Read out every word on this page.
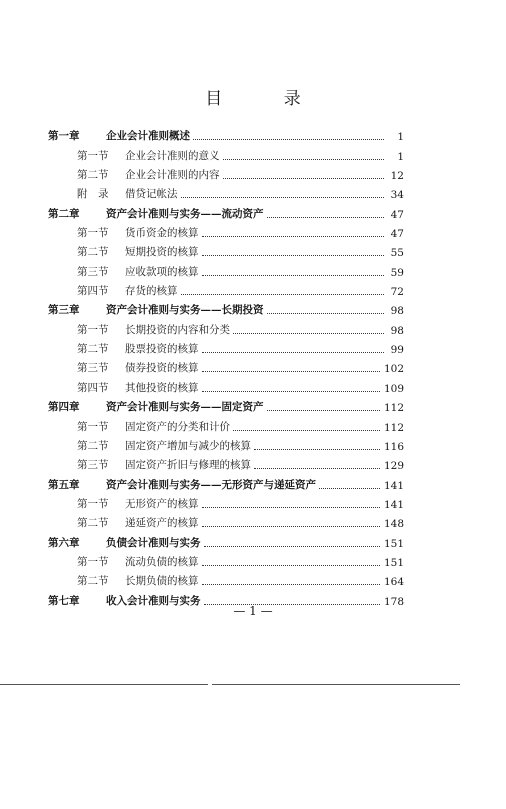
目 录
第一章	企业会计准则概述	1
第一节	企业会计准则的意义	1
第二节	企业会计准则的内容	12
附　录	借贷记帐法	34
第二章	资产会计准则与实务——流动资产	47
第一节	货币资金的核算	47
第二节	短期投资的核算	55
第三节	应收款项的核算	59
第四节	存货的核算	72
第三章	资产会计准则与实务——长期投资	98
第一节	长期投资的内容和分类	98
第二节	股票投资的核算	99
第三节	债券投资的核算	102
第四节	其他投资的核算	109
第四章	资产会计准则与实务——固定资产	112
第一节	固定资产的分类和计价	112
第二节	固定资产增加与减少的核算	116
第三节	固定资产折旧与修理的核算	129
第五章	资产会计准则与实务——无形资产与递延资产	141
第一节	无形资产的核算	141
第二节	递延资产的核算	148
第六章	负债会计准则与实务	151
第一节	流动负债的核算	151
第二节	长期负债的核算	164
第七章	收入会计准则与实务	178
— 1 —
